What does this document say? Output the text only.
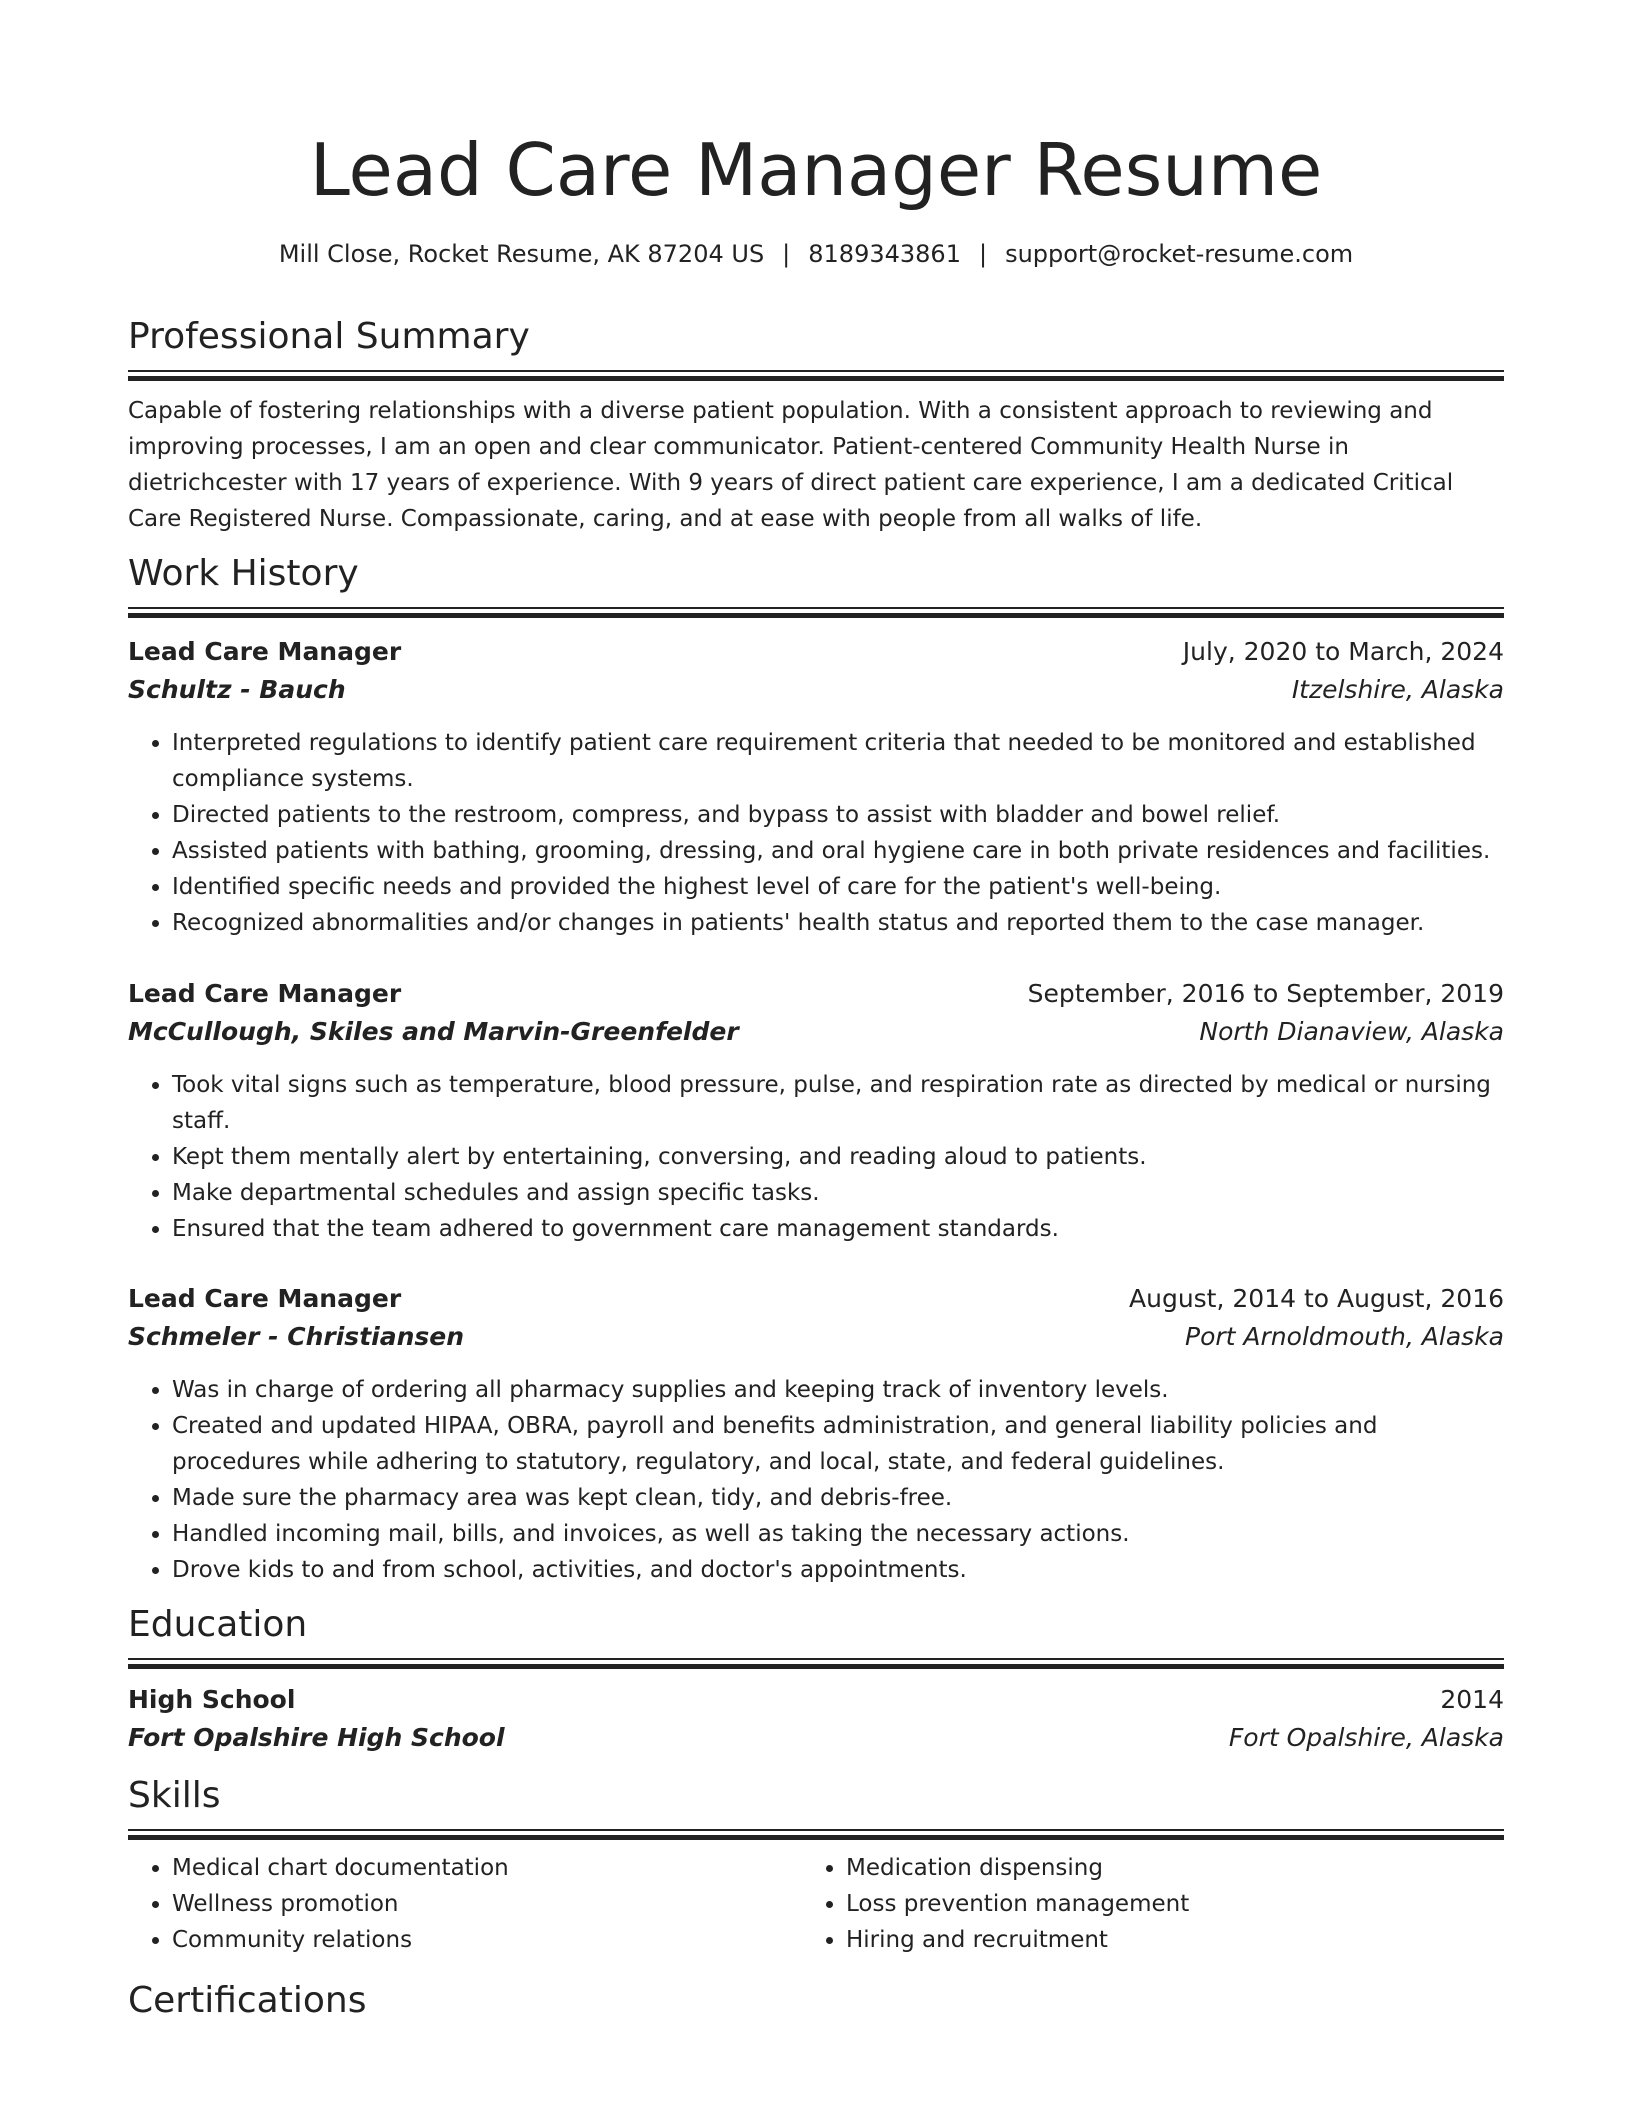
Lead Care Manager Resume
Mill Close, Rocket Resume, AK 87204 US | 8189343861 | support@rocket-resume.com
Professional Summary

Capable of fostering relationships with a diverse patient population. With a consistent approach to reviewing and improving processes, I am an open and clear communicator. Patient-centered Community Health Nurse in dietrichcester with 17 years of experience. With 9 years of direct patient care experience, I am a dedicated Critical Care Registered Nurse. Compassionate, caring, and at ease with people from all walks of life.

Work History
Lead Care Manager	July, 2020 to March, 2024
Schultz - Bauch	Itzelshire, Alaska
• Interpreted regulations to identify patient care requirement criteria that needed to be monitored and established compliance systems.
• Directed patients to the restroom, compress, and bypass to assist with bladder and bowel relief.
• Assisted patients with bathing, grooming, dressing, and oral hygiene care in both private residences and facilities.
• Identified specific needs and provided the highest level of care for the patient's well-being.
• Recognized abnormalities and/or changes in patients' health status and reported them to the case manager.
Lead Care Manager	September, 2016 to September, 2019
McCullough, Skiles and Marvin-Greenfelder	North Dianaview, Alaska
• Took vital signs such as temperature, blood pressure, pulse, and respiration rate as directed by medical or nursing staff.
• Kept them mentally alert by entertaining, conversing, and reading aloud to patients.
• Make departmental schedules and assign specific tasks.
• Ensured that the team adhered to government care management standards.
Lead Care Manager	August, 2014 to August, 2016
Schmeler - Christiansen	Port Arnoldmouth, Alaska
• Was in charge of ordering all pharmacy supplies and keeping track of inventory levels.
• Created and updated HIPAA, OBRA, payroll and benefits administration, and general liability policies and procedures while adhering to statutory, regulatory, and local, state, and federal guidelines.
• Made sure the pharmacy area was kept clean, tidy, and debris-free.
• Handled incoming mail, bills, and invoices, as well as taking the necessary actions.
• Drove kids to and from school, activities, and doctor's appointments.
Education
High School	2014
Fort Opalshire High School	Fort Opalshire, Alaska
Skills
• Medical chart documentation
• Wellness promotion
• Community relations
• Medication dispensing
• Loss prevention management
• Hiring and recruitment
Certifications
